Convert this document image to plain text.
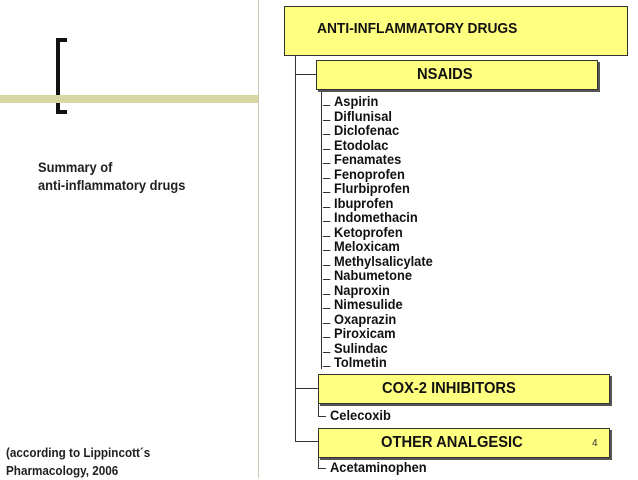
Summary of
anti-inflammatory drugs
(according to Lippincott´s
Pharmacology, 2006
ANTI-INFLAMMATORY DRUGS
NSAIDS
Aspirin
Diflunisal
Diclofenac
Etodolac
Fenamates
Fenoprofen
Flurbiprofen
Ibuprofen
Indomethacin
Ketoprofen
Meloxicam
Methylsalicylate
Nabumetone
Naproxin
Nimesulide
Oxaprazin
Piroxicam
Sulindac
Tolmetin
COX-2 INHIBITORS
Celecoxib
OTHER ANALGESIC
Acetaminophen
4
